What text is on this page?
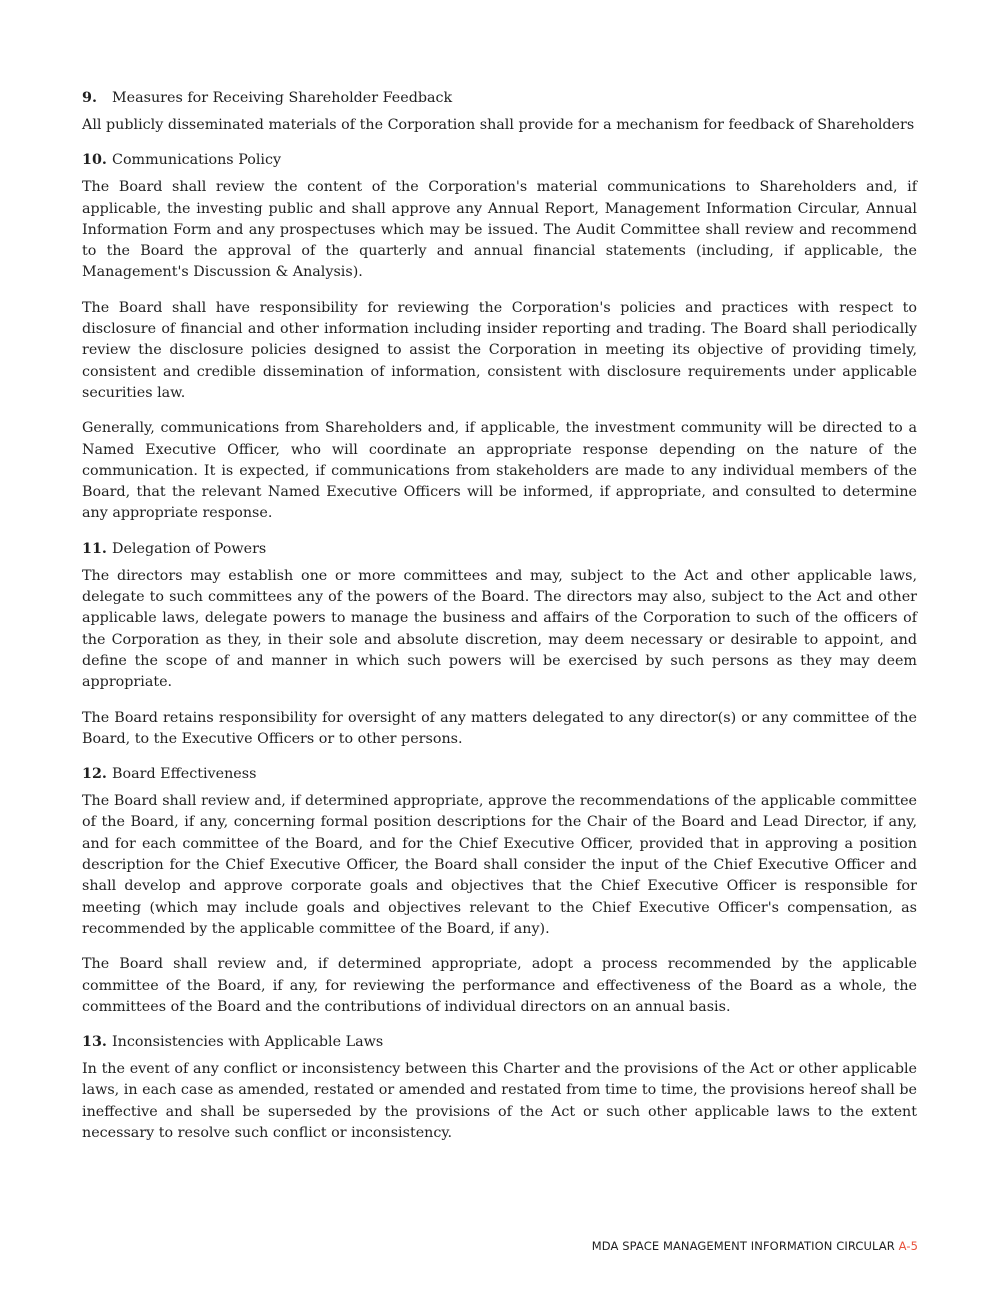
9. Measures for Receiving Shareholder Feedback

All publicly disseminated materials of the Corporation shall provide for a mechanism for feedback of Shareholders

10. Communications Policy

The Board shall review the content of the Corporation's material communications to Shareholders and, if applicable, the investing public and shall approve any Annual Report, Management Information Circular, Annual Information Form and any prospectuses which may be issued. The Audit Committee shall review and recommend to the Board the approval of the quarterly and annual financial statements (including, if applicable, the Management's Discussion & Analysis).

The Board shall have responsibility for reviewing the Corporation's policies and practices with respect to disclosure of financial and other information including insider reporting and trading. The Board shall periodically review the disclosure policies designed to assist the Corporation in meeting its objective of providing timely, consistent and credible dissemination of information, consistent with disclosure requirements under applicable securities law.

Generally, communications from Shareholders and, if applicable, the investment community will be directed to a Named Executive Officer, who will coordinate an appropriate response depending on the nature of the communication. It is expected, if communications from stakeholders are made to any individual members of the Board, that the relevant Named Executive Officers will be informed, if appropriate, and consulted to determine any appropriate response.

11. Delegation of Powers

The directors may establish one or more committees and may, subject to the Act and other applicable laws, delegate to such committees any of the powers of the Board. The directors may also, subject to the Act and other applicable laws, delegate powers to manage the business and affairs of the Corporation to such of the officers of the Corporation as they, in their sole and absolute discretion, may deem necessary or desirable to appoint, and define the scope of and manner in which such powers will be exercised by such persons as they may deem appropriate.

The Board retains responsibility for oversight of any matters delegated to any director(s) or any committee of the Board, to the Executive Officers or to other persons.

12. Board Effectiveness

The Board shall review and, if determined appropriate, approve the recommendations of the applicable committee of the Board, if any, concerning formal position descriptions for the Chair of the Board and Lead Director, if any, and for each committee of the Board, and for the Chief Executive Officer, provided that in approving a position description for the Chief Executive Officer, the Board shall consider the input of the Chief Executive Officer and shall develop and approve corporate goals and objectives that the Chief Executive Officer is responsible for meeting (which may include goals and objectives relevant to the Chief Executive Officer's compensation, as recommended by the applicable committee of the Board, if any).

The Board shall review and, if determined appropriate, adopt a process recommended by the applicable committee of the Board, if any, for reviewing the performance and effectiveness of the Board as a whole, the committees of the Board and the contributions of individual directors on an annual basis.

13. Inconsistencies with Applicable Laws

In the event of any conflict or inconsistency between this Charter and the provisions of the Act or other applicable laws, in each case as amended, restated or amended and restated from time to time, the provisions hereof shall be ineffective and shall be superseded by the provisions of the Act or such other applicable laws to the extent necessary to resolve such conflict or inconsistency.

MDA SPACE MANAGEMENT INFORMATION CIRCULAR A-5
